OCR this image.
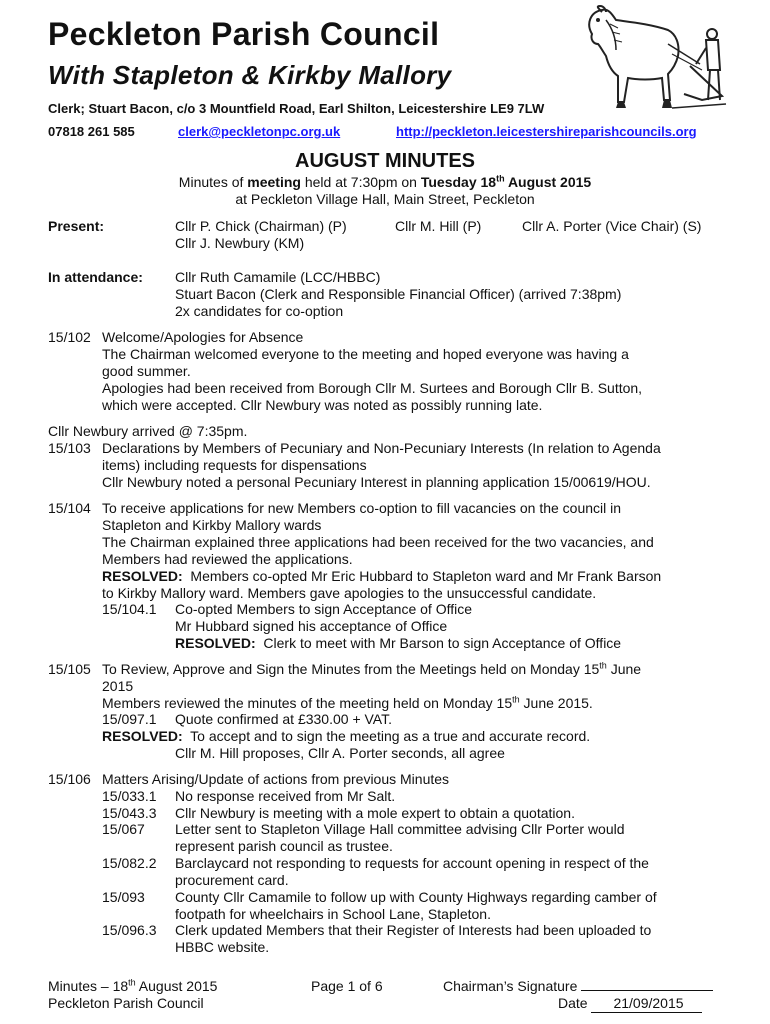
Peckleton Parish Council
With Stapleton & Kirkby Mallory
Clerk; Stuart Bacon, c/o 3 Mountfield Road, Earl Shilton, Leicestershire LE9 7LW
07818 261 585	clerk@peckletonpc.org.uk	http://peckleton.leicestershireparishcouncils.org
AUGUST MINUTES
Minutes of meeting held at 7:30pm on Tuesday 18th August 2015
at Peckleton Village Hall, Main Street, Peckleton
Present:	Cllr P. Chick (Chairman) (P)	Cllr M. Hill (P)	Cllr A. Porter (Vice Chair) (S)
Cllr J. Newbury (KM)
In attendance: Cllr Ruth Camamile (LCC/HBBC)
Stuart Bacon (Clerk and Responsible Financial Officer) (arrived 7:38pm)
2x candidates for co-option
15/102 Welcome/Apologies for Absence
The Chairman welcomed everyone to the meeting and hoped everyone was having a
good summer.
Apologies had been received from Borough Cllr M. Surtees and Borough Cllr B. Sutton,
which were accepted. Cllr Newbury was noted as possibly running late.
Cllr Newbury arrived @ 7:35pm.
15/103 Declarations by Members of Pecuniary and Non-Pecuniary Interests (In relation to Agenda
items) including requests for dispensations
Cllr Newbury noted a personal Pecuniary Interest in planning application 15/00619/HOU.
15/104 To receive applications for new Members co-option to fill vacancies on the council in
Stapleton and Kirkby Mallory wards
The Chairman explained three applications had been received for the two vacancies, and
Members had reviewed the applications.
RESOLVED:  Members co-opted Mr Eric Hubbard to Stapleton ward and Mr Frank Barson
to Kirkby Mallory ward. Members gave apologies to the unsuccessful candidate.
15/104.1 Co-opted Members to sign Acceptance of Office
Mr Hubbard signed his acceptance of Office
RESOLVED:  Clerk to meet with Mr Barson to sign Acceptance of Office
15/105 To Review, Approve and Sign the Minutes from the Meetings held on Monday 15th June
2015
Members reviewed the minutes of the meeting held on Monday 15th June 2015.
15/097.1 Quote confirmed at £330.00 + VAT.
RESOLVED:  To accept and to sign the meeting as a true and accurate record.
Cllr M. Hill proposes, Cllr A. Porter seconds, all agree
15/106 Matters Arising/Update of actions from previous Minutes
15/033.1 No response received from Mr Salt.
15/043.3 Cllr Newbury is meeting with a mole expert to obtain a quotation.
15/067 Letter sent to Stapleton Village Hall committee advising Cllr Porter would
represent parish council as trustee.
15/082.2 Barclaycard not responding to requests for account opening in respect of the
procurement card.
15/093 County Cllr Camamile to follow up with County Highways regarding camber of
footpath for wheelchairs in School Lane, Stapleton.
15/096.3 Clerk updated Members that their Register of Interests had been uploaded to
HBBC website.
Minutes – 18th August 2015
Peckleton Parish Council
Page 1 of 6	Chairman’s Signature
Date 21/09/2015
